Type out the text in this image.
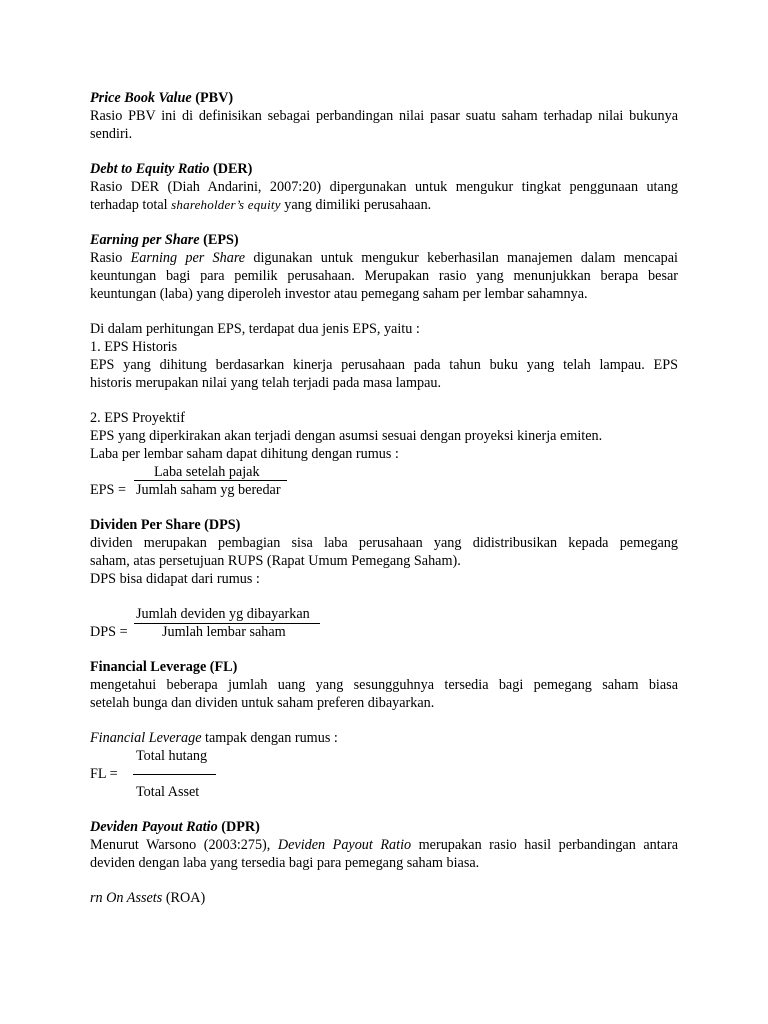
Price Book Value (PBV)
Rasio PBV ini di definisikan sebagai perbandingan nilai pasar suatu saham terhadap nilai bukunya
sendiri.
Debt to Equity Ratio (DER)
Rasio DER (Diah Andarini, 2007:20) dipergunakan untuk mengukur tingkat penggunaan utang
terhadap total shareholder’s equity yang dimiliki perusahaan.
Earning per Share (EPS)
Rasio Earning per Share digunakan untuk mengukur keberhasilan manajemen dalam mencapai
keuntungan bagi para pemilik perusahaan. Merupakan rasio yang menunjukkan berapa besar
keuntungan (laba) yang diperoleh investor atau pemegang saham per lembar sahamnya.
Di dalam perhitungan EPS, terdapat dua jenis EPS, yaitu :
1. EPS Historis
EPS yang dihitung berdasarkan kinerja perusahaan pada tahun buku yang telah lampau. EPS
historis merupakan nilai yang telah terjadi pada masa lampau.
2. EPS Proyektif
EPS yang diperkirakan akan terjadi dengan asumsi sesuai dengan proyeksi kinerja emiten.
Laba per lembar saham dapat dihitung dengan rumus :
Laba setelah pajak
EPS = Jumlah saham yg beredar
Dividen Per Share (DPS)
dividen merupakan pembagian sisa laba perusahaan yang didistribusikan kepada pemegang
saham, atas persetujuan RUPS (Rapat Umum Pemegang Saham).
DPS bisa didapat dari rumus :
Jumlah deviden yg dibayarkan
DPS = Jumlah lembar saham
Financial Leverage (FL)
mengetahui beberapa jumlah uang yang sesungguhnya tersedia bagi pemegang saham biasa
setelah bunga dan dividen untuk saham preferen dibayarkan.
Financial Leverage tampak dengan rumus :
Total hutang
FL =
Total Asset
Deviden Payout Ratio (DPR)
Menurut Warsono (2003:275), Deviden Payout Ratio merupakan rasio hasil perbandingan antara
deviden dengan laba yang tersedia bagi para pemegang saham biasa.
rn On Assets (ROA)
